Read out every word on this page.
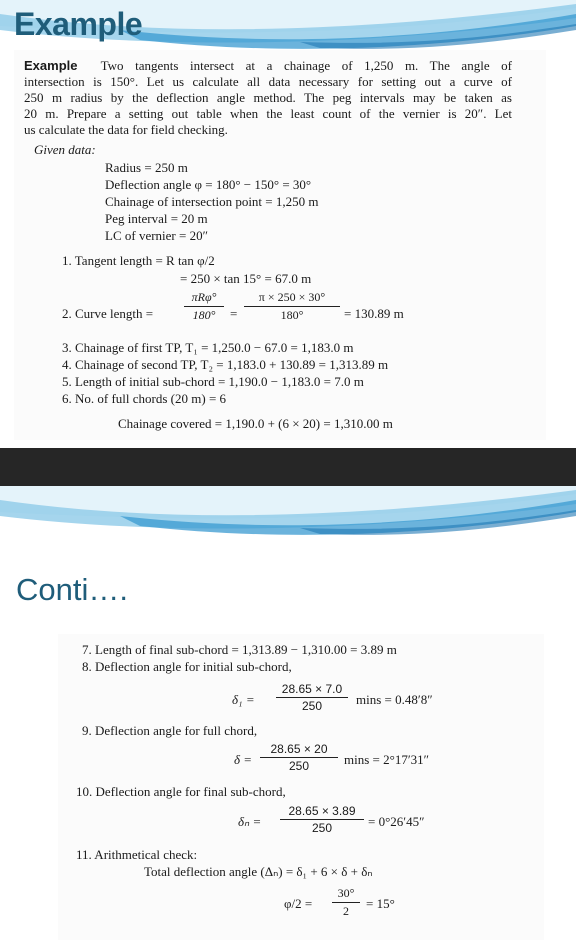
Example
Example Two tangents intersect at a chainage of 1,250 m. The angle of
intersection is 150°. Let us calculate all data necessary for setting out a curve of
250 m radius by the deflection angle method. The peg intervals may be taken as
20 m. Prepare a setting out table when the least count of the vernier is 20″. Let
us calculate the data for field checking.
Given data:
Radius = 250 m
Deflection angle φ = 180° − 150° = 30°
Chainage of intersection point = 1,250 m
Peg interval = 20 m
LC of vernier = 20″
1. Tangent length = R tan φ/2
= 250 × tan 15° = 67.0 m
2. Curve length =
πRφ°
180°	= $\frac{\pi \times 250 \times 30^\circ}{180^\circ} = 130.89$ m
3. Chainage of first TP, T₁ = 1,250.0 − 67.0 = 1,183.0 m
4. Chainage of second TP, T₂ = 1,183.0 + 130.89 = 1,313.89 m
5. Length of initial sub-chord = 1,190.0 − 1,183.0 = 7.0 m
6. No. of full chords (20 m) = 6
Chainage covered = 1,190.0 + (6 × 20) = 1,310.00 m
Conti….
7. Length of final sub-chord = 1,313.89 − 1,310.00 = 3.89 m
8. Deflection angle for initial sub-chord,
$\delta_1 = \frac{28.65 \times 7.0}{250}$ mins = 0.48′8″
9. Deflection angle for full chord,
$\delta = \frac{28.65 \times 20}{250}$ mins = 2°17′31″
10. Deflection angle for final sub-chord,
$\delta_n = \frac{28.65 \times 3.89}{250} = 0^\circ 26'45''$
11. Arithmetical check:
Total deflection angle (Δₙ) = δ₁ + 6 × δ + δₙ
$\varphi/2 = \frac{30^\circ}{2} = 15^\circ$
